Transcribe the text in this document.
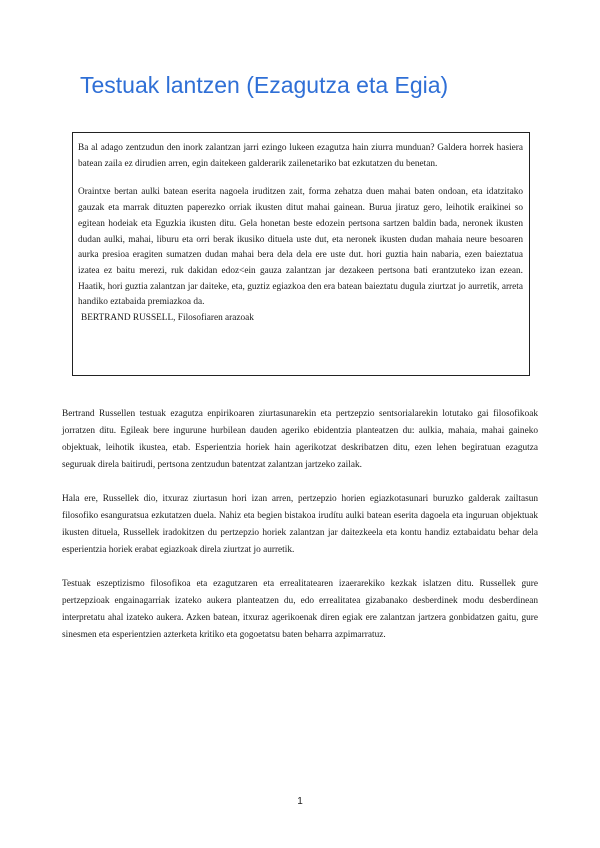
Testuak lantzen (Ezagutza eta Egia)

Ba al adago zentzudun den inork zalantzan jarri ezingo lukeen ezagutza hain ziurra munduan? Galdera horrek hasiera batean zaila ez dirudien arren, egin daitekeen galderarik zailenetariko bat ezkutatzen du benetan.

Oraintxe bertan aulki batean eserita nagoela iruditzen zait, forma zehatza duen mahai baten ondoan, eta idatzitako gauzak eta marrak dituzten paperezko orriak ikusten ditut mahai gainean. Burua jiratuz gero, leihotik eraikinei so egitean hodeiak eta Eguzkia ikusten ditu. Gela honetan beste edozein pertsona sartzen baldin bada, neronek ikusten dudan aulki, mahai, liburu eta orri berak ikusiko dituela uste dut, eta neronek ikusten dudan mahaia neure besoaren aurka presioa eragiten sumatzen dudan mahai bera dela dela ere uste dut. hori guztia hain nabaria, ezen baieztatua izatea ez baitu merezi, ruk dakidan edoz<ein gauza zalantzan jar dezakeen pertsona bati erantzuteko izan ezean. Haatik, hori guztia zalantzan jar daiteke, eta, guztiz egiazkoa den era batean baieztatu dugula ziurtzat jo aurretik, arreta handiko eztabaida premiazkoa da.

BERTRAND RUSSELL, Filosofiaren arazoak

Bertrand Russellen testuak ezagutza enpirikoaren ziurtasunarekin eta pertzepzio sentsorialarekin lotutako gai filosofikoak jorratzen ditu. Egileak bere ingurune hurbilean dauden ageriko ebidentzia planteatzen du: aulkia, mahaia, mahai gaineko objektuak, leihotik ikustea, etab. Esperientzia horiek hain agerikotzat deskribatzen ditu, ezen lehen begiratuan ezagutza seguruak direla baitirudi, pertsona zentzudun batentzat zalantzan jartzeko zailak.

Hala ere, Russellek dio, itxuraz ziurtasun hori izan arren, pertzepzio horien egiazkotasunari buruzko galderak zailtasun filosofiko esanguratsua ezkutatzen duela. Nahiz eta begien bistakoa irudítu aulki batean eserita dagoela eta inguruan objektuak ikusten dituela, Russellek iradokitzen du pertzepzio horiek zalantzan jar daitezkeela eta kontu handiz eztabaidatu behar dela esperientzia horiek erabat egiazkoak direla ziurtzat jo aurretik.

Testuak eszeptizismo filosofikoa eta ezagutzaren eta errealitatearen izaerarekiko kezkak islatzen ditu. Russellek gure pertzepzioak engainagarriak izateko aukera planteatzen du, edo errealitatea gizabanako desberdinek modu desberdinean interpretatu ahal izateko aukera. Azken batean, itxuraz agerikoenak diren egiak ere zalantzan jartzera gonbidatzen gaitu, gure sinesmen eta esperientzien azterketa kritiko eta gogoetatsu baten beharra azpimarratuz.

1
